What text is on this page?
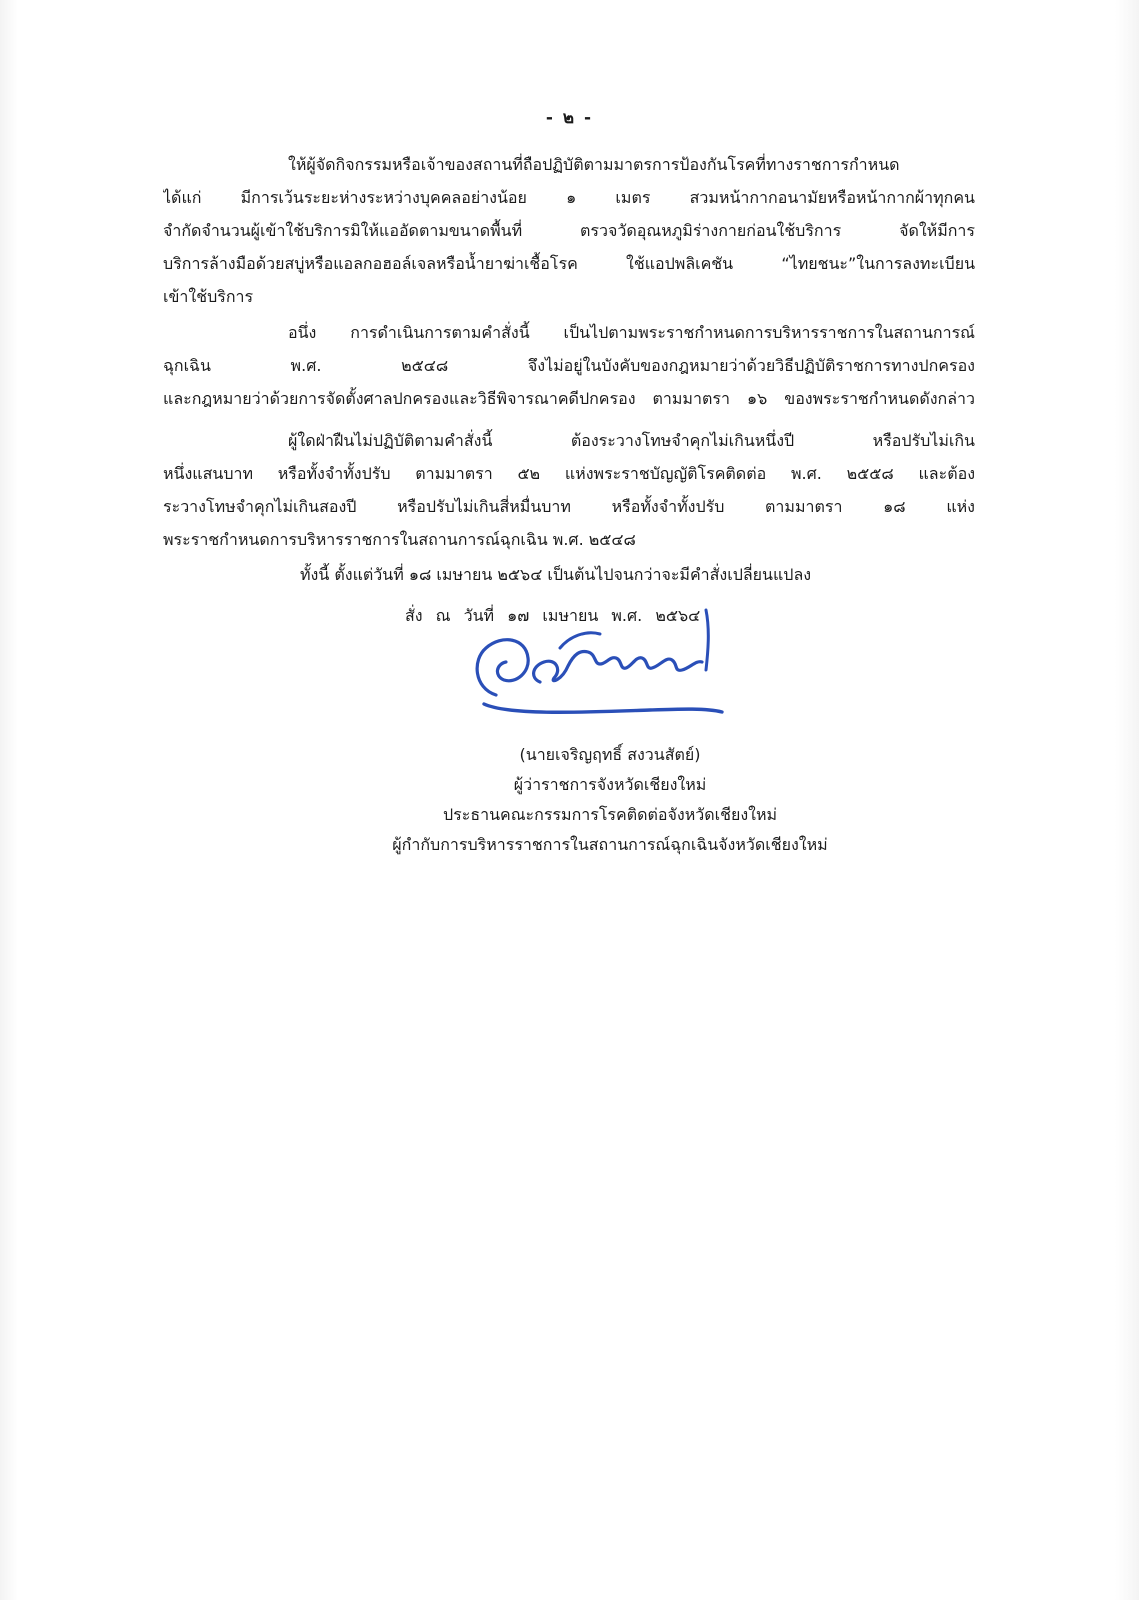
- ๒ -
ให้ผู้จัดกิจกรรมหรือเจ้าของสถานที่ถือปฏิบัติตามมาตรการป้องกันโรคที่ทางราชการกำหนด
ได้แก่ มีการเว้นระยะห่างระหว่างบุคคลอย่างน้อย ๑ เมตร สวมหน้ากากอนามัยหรือหน้ากากผ้าทุกคน
จำกัดจำนวนผู้เข้าใช้บริการมิให้แออัดตามขนาดพื้นที่ ตรวจวัดอุณหภูมิร่างกายก่อนใช้บริการ จัดให้มีการ
บริการล้างมือด้วยสบู่หรือแอลกอฮอล์เจลหรือน้ำยาฆ่าเชื้อโรค ใช้แอปพลิเคชัน “ไทยชนะ”ในการลงทะเบียน
เข้าใช้บริการ
อนึ่ง การดำเนินการตามคำสั่งนี้ เป็นไปตามพระราชกำหนดการบริหารราชการในสถานการณ์
ฉุกเฉิน พ.ศ. ๒๕๔๘ จึงไม่อยู่ในบังคับของกฎหมายว่าด้วยวิธีปฏิบัติราชการทางปกครอง
และกฎหมายว่าด้วยการจัดตั้งศาลปกครองและวิธีพิจารณาคดีปกครอง ตามมาตรา ๑๖ ของพระราชกำหนดดังกล่าว
ผู้ใดฝ่าฝืนไม่ปฏิบัติตามคำสั่งนี้ ต้องระวางโทษจำคุกไม่เกินหนึ่งปี หรือปรับไม่เกิน
หนึ่งแสนบาท หรือทั้งจำทั้งปรับ ตามมาตรา ๕๒ แห่งพระราชบัญญัติโรคติดต่อ พ.ศ. ๒๕๕๘ และต้อง
ระวางโทษจำคุกไม่เกินสองปี หรือปรับไม่เกินสี่หมื่นบาท หรือทั้งจำทั้งปรับ ตามมาตรา ๑๘ แห่ง
พระราชกำหนดการบริหารราชการในสถานการณ์ฉุกเฉิน พ.ศ. ๒๕๔๘
ทั้งนี้ ตั้งแต่วันที่ ๑๘ เมษายน ๒๕๖๔ เป็นต้นไปจนกว่าจะมีคำสั่งเปลี่ยนแปลง
สั่ง ณ วันที่ ๑๗ เมษายน พ.ศ. ๒๕๖๔
(นายเจริญฤทธิ์ สงวนสัตย์)
ผู้ว่าราชการจังหวัดเชียงใหม่
ประธานคณะกรรมการโรคติดต่อจังหวัดเชียงใหม่
ผู้กำกับการบริหารราชการในสถานการณ์ฉุกเฉินจังหวัดเชียงใหม่
